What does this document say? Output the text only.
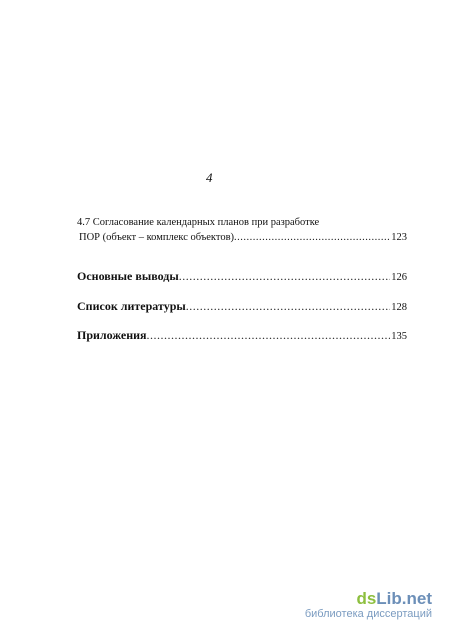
4
4.7 Согласование календарных планов при разработке
ПОР (объект – комплекс объектов) .....	123
Основные выводы .....	126
Список литературы .....	128
Приложения .....	135
dsLib.net
библиотека диссертаций
